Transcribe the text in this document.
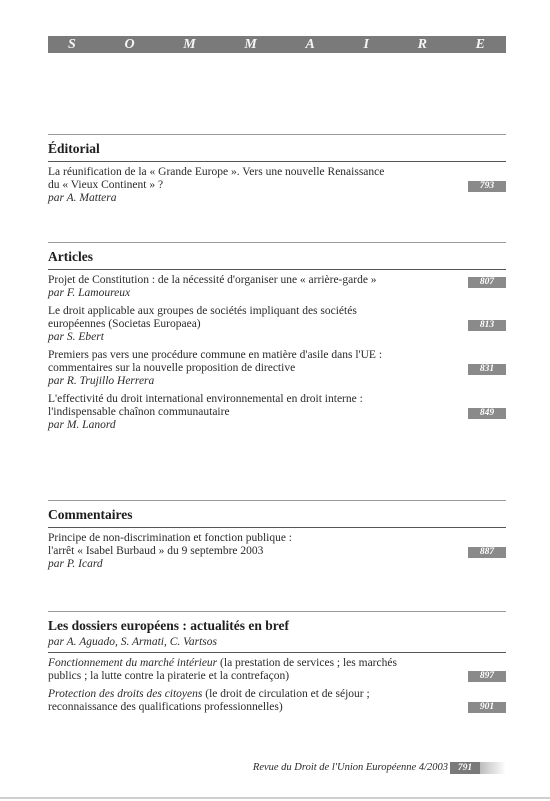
S	O	M	M	A	I	R	E
Éditorial
La réunification de la « Grande Europe ». Vers une nouvelle Renaissance
du « Vieux Continent » ?
par A. Mattera
793
Articles
Projet de Constitution : de la nécessité d'organiser une « arrière-garde »
par F. Lamoureux
807
Le droit applicable aux groupes de sociétés impliquant des sociétés
européennes (Societas Europaea)
par S. Ebert
813
Premiers pas vers une procédure commune en matière d'asile dans l'UE :
commentaires sur la nouvelle proposition de directive
par R. Trujillo Herrera
831
L'effectivité du droit international environnemental en droit interne :
l'indispensable chaînon communautaire
par M. Lanord
849
Commentaires
Principe de non-discrimination et fonction publique :
l'arrêt « Isabel Burbaud » du 9 septembre 2003
par P. Icard
887
Les dossiers européens : actualités en bref
par A. Aguado, S. Armati, C. Vartsos
Fonctionnement du marché intérieur (la prestation de services ; les marchés
publics ; la lutte contre la piraterie et la contrefaçon)	897
Protection des droits des citoyens (le droit de circulation et de séjour ;
reconnaissance des qualifications professionnelles)	901
Revue du Droit de l'Union Européenne 4/2003	791
